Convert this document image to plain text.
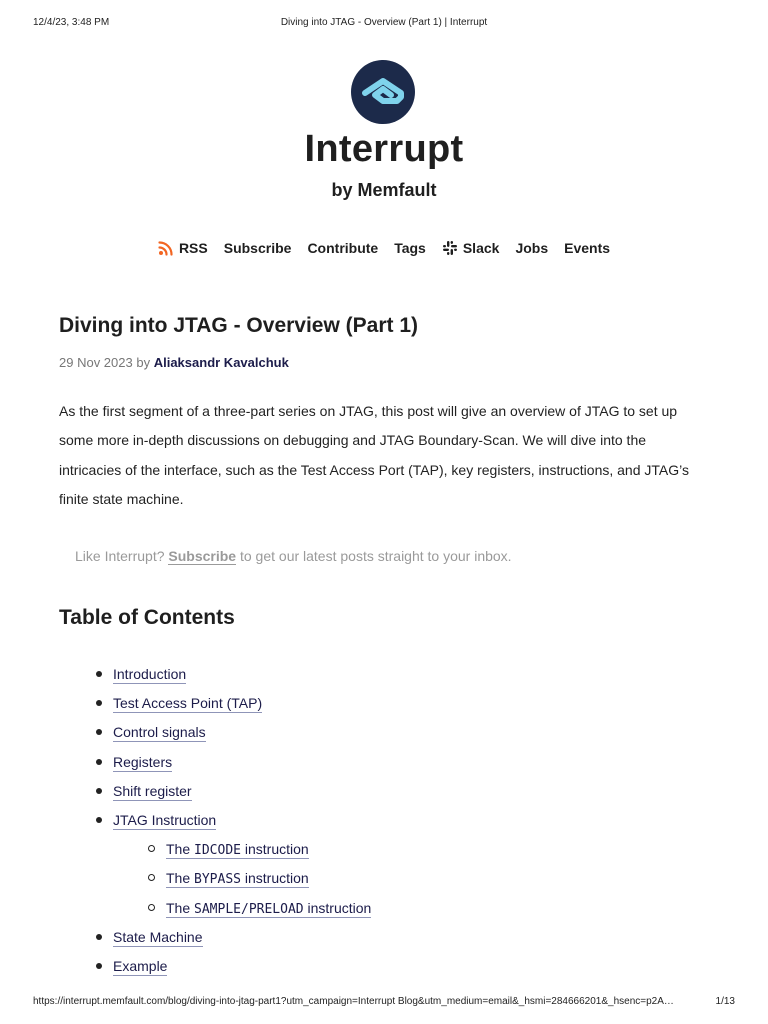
12/4/23, 3:48 PM	Diving into JTAG - Overview (Part 1) | Interrupt
Interrupt
by Memfault
RSS Subscribe Contribute Tags	Slack Jobs Events
Diving into JTAG - Overview (Part 1)
29 Nov 2023 by Aliaksandr Kavalchuk

As the first segment of a three-part series on JTAG, this post will give an overview of JTAG to set up
some more in-depth discussions on debugging and JTAG Boundary-Scan. We will dive into the
intricacies of the interface, such as the Test Access Port (TAP), key registers, instructions, and JTAG’s
finite state machine.

Like Interrupt? Subscribe to get our latest posts straight to your inbox.
Table of Contents
Introduction
Test Access Point (TAP)
Control signals
Registers
Shift register
JTAG Instruction
The IDCODE instruction
The BYPASS instruction
The SAMPLE/PRELOAD instruction
State Machine
Example
https://interrupt.memfault.com/blog/diving-into-jtag-part1?utm_campaign=Interrupt Blog&utm_medium=email&_hsmi=284666201&_hsenc=p2A…	1/13
